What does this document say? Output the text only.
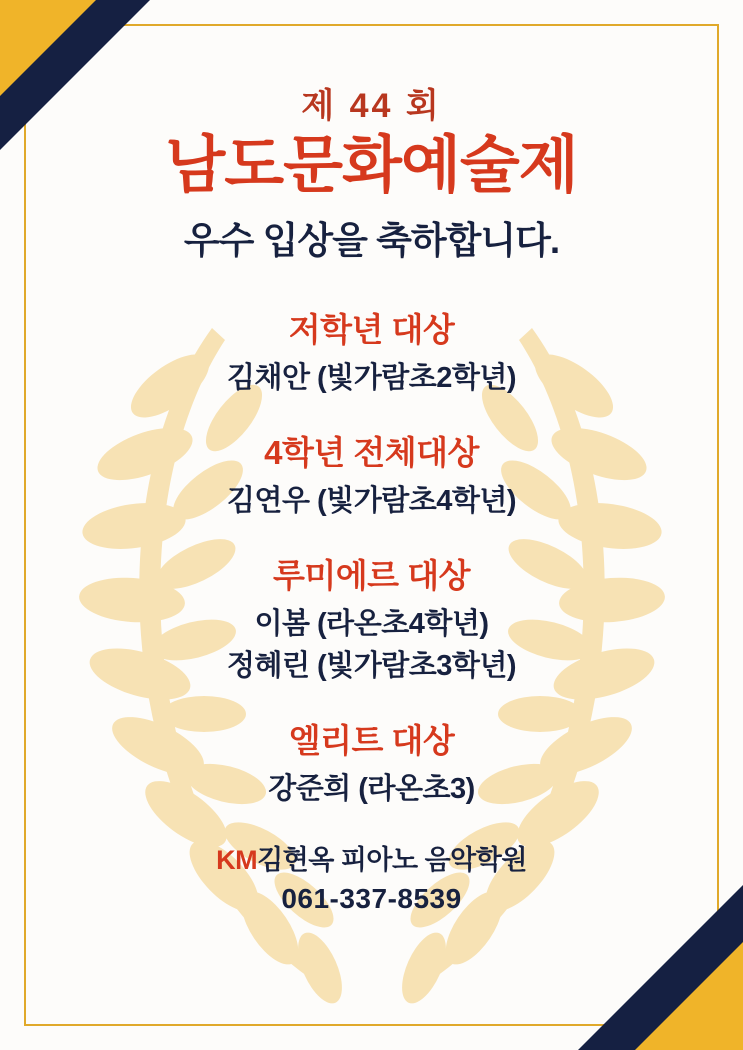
제 44 회
남도문화예술제
우수 입상을 축하합니다.
저학년 대상
김채안 (빛가람초2학년)
4학년 전체대상
김연우 (빛가람초4학년)
루미에르 대상
이봄 (라온초4학년)
정혜린 (빛가람초3학년)
엘리트 대상
강준희 (라온초3)
KM김현옥 피아노 음악학원
061-337-8539
